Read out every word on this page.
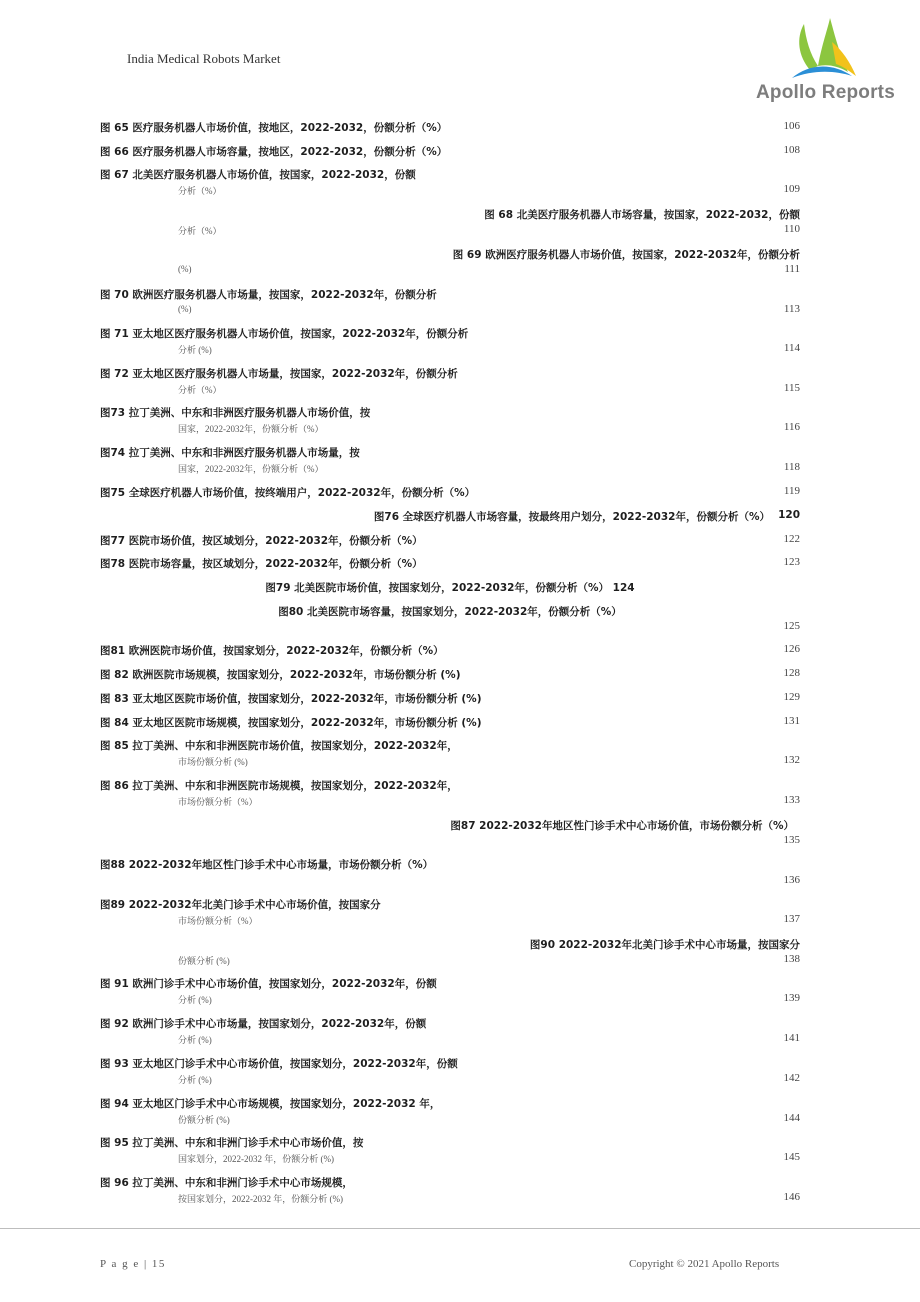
India Medical Robots Market
Apollo Reports
图 65 医疗服务机器人市场价值，按地区，2022-2032，份额分析（%）	106
图 66 医疗服务机器人市场容量，按地区，2022-2032，份额分析（%）	108
图 67 北美医疗服务机器人市场价值，按国家，2022-2032，份额
分析（%）	109
图 68 北美医疗服务机器人市场容量，按国家，2022-2032，份额
分析（%）	110
图 69 欧洲医疗服务机器人市场价值，按国家，2022-2032年，份额分析
(%)	111
图 70 欧洲医疗服务机器人市场量，按国家，2022-2032年，份额分析
(%)	113
图 71 亚太地区医疗服务机器人市场价值，按国家，2022-2032年，份额分析
分析 (%)	114
图 72 亚太地区医疗服务机器人市场量，按国家，2022-2032年，份额分析
分析（%）	115
图73 拉丁美洲、中东和非洲医疗服务机器人市场价值，按
国家，2022-2032年，份额分析（%）	116
图74 拉丁美洲、中东和非洲医疗服务机器人市场量，按
国家，2022-2032年，份额分析（%）	118
图75 全球医疗机器人市场价值，按终端用户，2022-2032年，份额分析（%）	119
图76 全球医疗机器人市场容量，按最终用户划分，2022-2032年，份额分析（%） 120
图77 医院市场价值，按区域划分，2022-2032年，份额分析（%）	122
图78 医院市场容量，按区域划分，2022-2032年，份额分析（%）	123
图79 北美医院市场价值，按国家划分，2022-2032年，份额分析（%） 124
图80 北美医院市场容量，按国家划分，2022-2032年，份额分析（%）
125
图81 欧洲医院市场价值，按国家划分，2022-2032年，份额分析（%）	126
图 82 欧洲医院市场规模，按国家划分，2022-2032年，市场份额分析 (%)	128
图 83 亚太地区医院市场价值，按国家划分，2022-2032年，市场份额分析 (%)	129
图 84 亚太地区医院市场规模，按国家划分，2022-2032年，市场份额分析 (%)	131
图 85 拉丁美洲、中东和非洲医院市场价值，按国家划分，2022-2032年，
市场份额分析 (%)	132
图 86 拉丁美洲、中东和非洲医院市场规模，按国家划分，2022-2032年，
市场份额分析（%）	133
图87 2022-2032年地区性门诊手术中心市场价值，市场份额分析（%）
135
图88 2022-2032年地区性门诊手术中心市场量，市场份额分析（%）
136
图89 2022-2032年北美门诊手术中心市场价值，按国家分
市场份额分析（%）	137
图90 2022-2032年北美门诊手术中心市场量，按国家分
份额分析 (%)	138
图 91 欧洲门诊手术中心市场价值，按国家划分，2022-2032年，份额
分析 (%)	139
图 92 欧洲门诊手术中心市场量，按国家划分，2022-2032年，份额
分析 (%)	141
图 93 亚太地区门诊手术中心市场价值，按国家划分，2022-2032年，份额
分析 (%)	142
图 94 亚太地区门诊手术中心市场规模，按国家划分，2022-2032 年，
份额分析 (%)	144
图 95 拉丁美洲、中东和非洲门诊手术中心市场价值，按
国家划分，2022-2032 年，份额分析 (%)	145
图 96 拉丁美洲、中东和非洲门诊手术中心市场规模，
按国家划分，2022-2032 年，份额分析 (%)	146
P a g e | 15	Copyright © 2021 Apollo Reports
